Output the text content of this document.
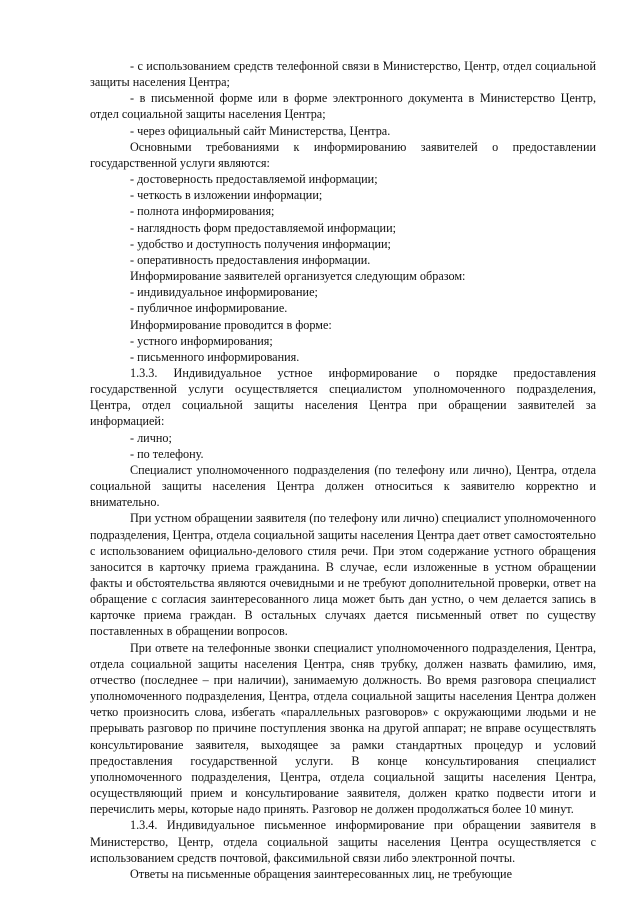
- с использованием средств телефонной связи в Министерство, Центр, отдел социальной защиты населения Центра;

- в письменной форме или в форме электронного документа в Министерство Центр, отдел социальной защиты населения Центра;

- через официальный сайт Министерства, Центра.

Основными требованиями к информированию заявителей о предоставлении государственной услуги являются:

- достоверность предоставляемой информации;

- четкость в изложении информации;

- полнота информирования;

- наглядность форм предоставляемой информации;

- удобство и доступность получения информации;

- оперативность предоставления информации.

Информирование заявителей организуется следующим образом:

- индивидуальное информирование;

- публичное информирование.

Информирование проводится в форме:

- устного информирования;

- письменного информирования.

1.3.3. Индивидуальное устное информирование о порядке предоставления государственной услуги осуществляется специалистом уполномоченного подразделения, Центра, отдел социальной защиты населения Центра при обращении заявителей за информацией:

- лично;

- по телефону.

Специалист уполномоченного подразделения (по телефону или лично), Центра, отдела социальной защиты населения Центра должен относиться к заявителю корректно и внимательно.

При устном обращении заявителя (по телефону или лично) специалист уполномоченного подразделения, Центра, отдела социальной защиты населения Центра дает ответ самостоятельно с использованием официально-делового стиля речи. При этом содержание устного обращения заносится в карточку приема гражданина. В случае, если изложенные в устном обращении факты и обстоятельства являются очевидными и не требуют дополнительной проверки, ответ на обращение с согласия заинтересованного лица может быть дан устно, о чем делается запись в карточке приема граждан. В остальных случаях дается письменный ответ по существу поставленных в обращении вопросов.

При ответе на телефонные звонки специалист уполномоченного подразделения, Центра, отдела социальной защиты населения Центра, сняв трубку, должен назвать фамилию, имя, отчество (последнее – при наличии), занимаемую должность. Во время разговора специалист уполномоченного подразделения, Центра, отдела социальной защиты населения Центра должен четко произносить слова, избегать «параллельных разговоров» с окружающими людьми и не прерывать разговор по причине поступления звонка на другой аппарат; не вправе осуществлять консультирование заявителя, выходящее за рамки стандартных процедур и условий предоставления государственной услуги. В конце консультирования специалист уполномоченного подразделения, Центра, отдела социальной защиты населения Центра, осуществляющий прием и консультирование заявителя, должен кратко подвести итоги и перечислить меры, которые надо принять. Разговор не должен продолжаться более 10 минут.

1.3.4. Индивидуальное письменное информирование при обращении заявителя в Министерство, Центр, отдела социальной защиты населения Центра осуществляется с использованием средств почтовой, факсимильной связи либо электронной почты.

Ответы на письменные обращения заинтересованных лиц, не требующие
